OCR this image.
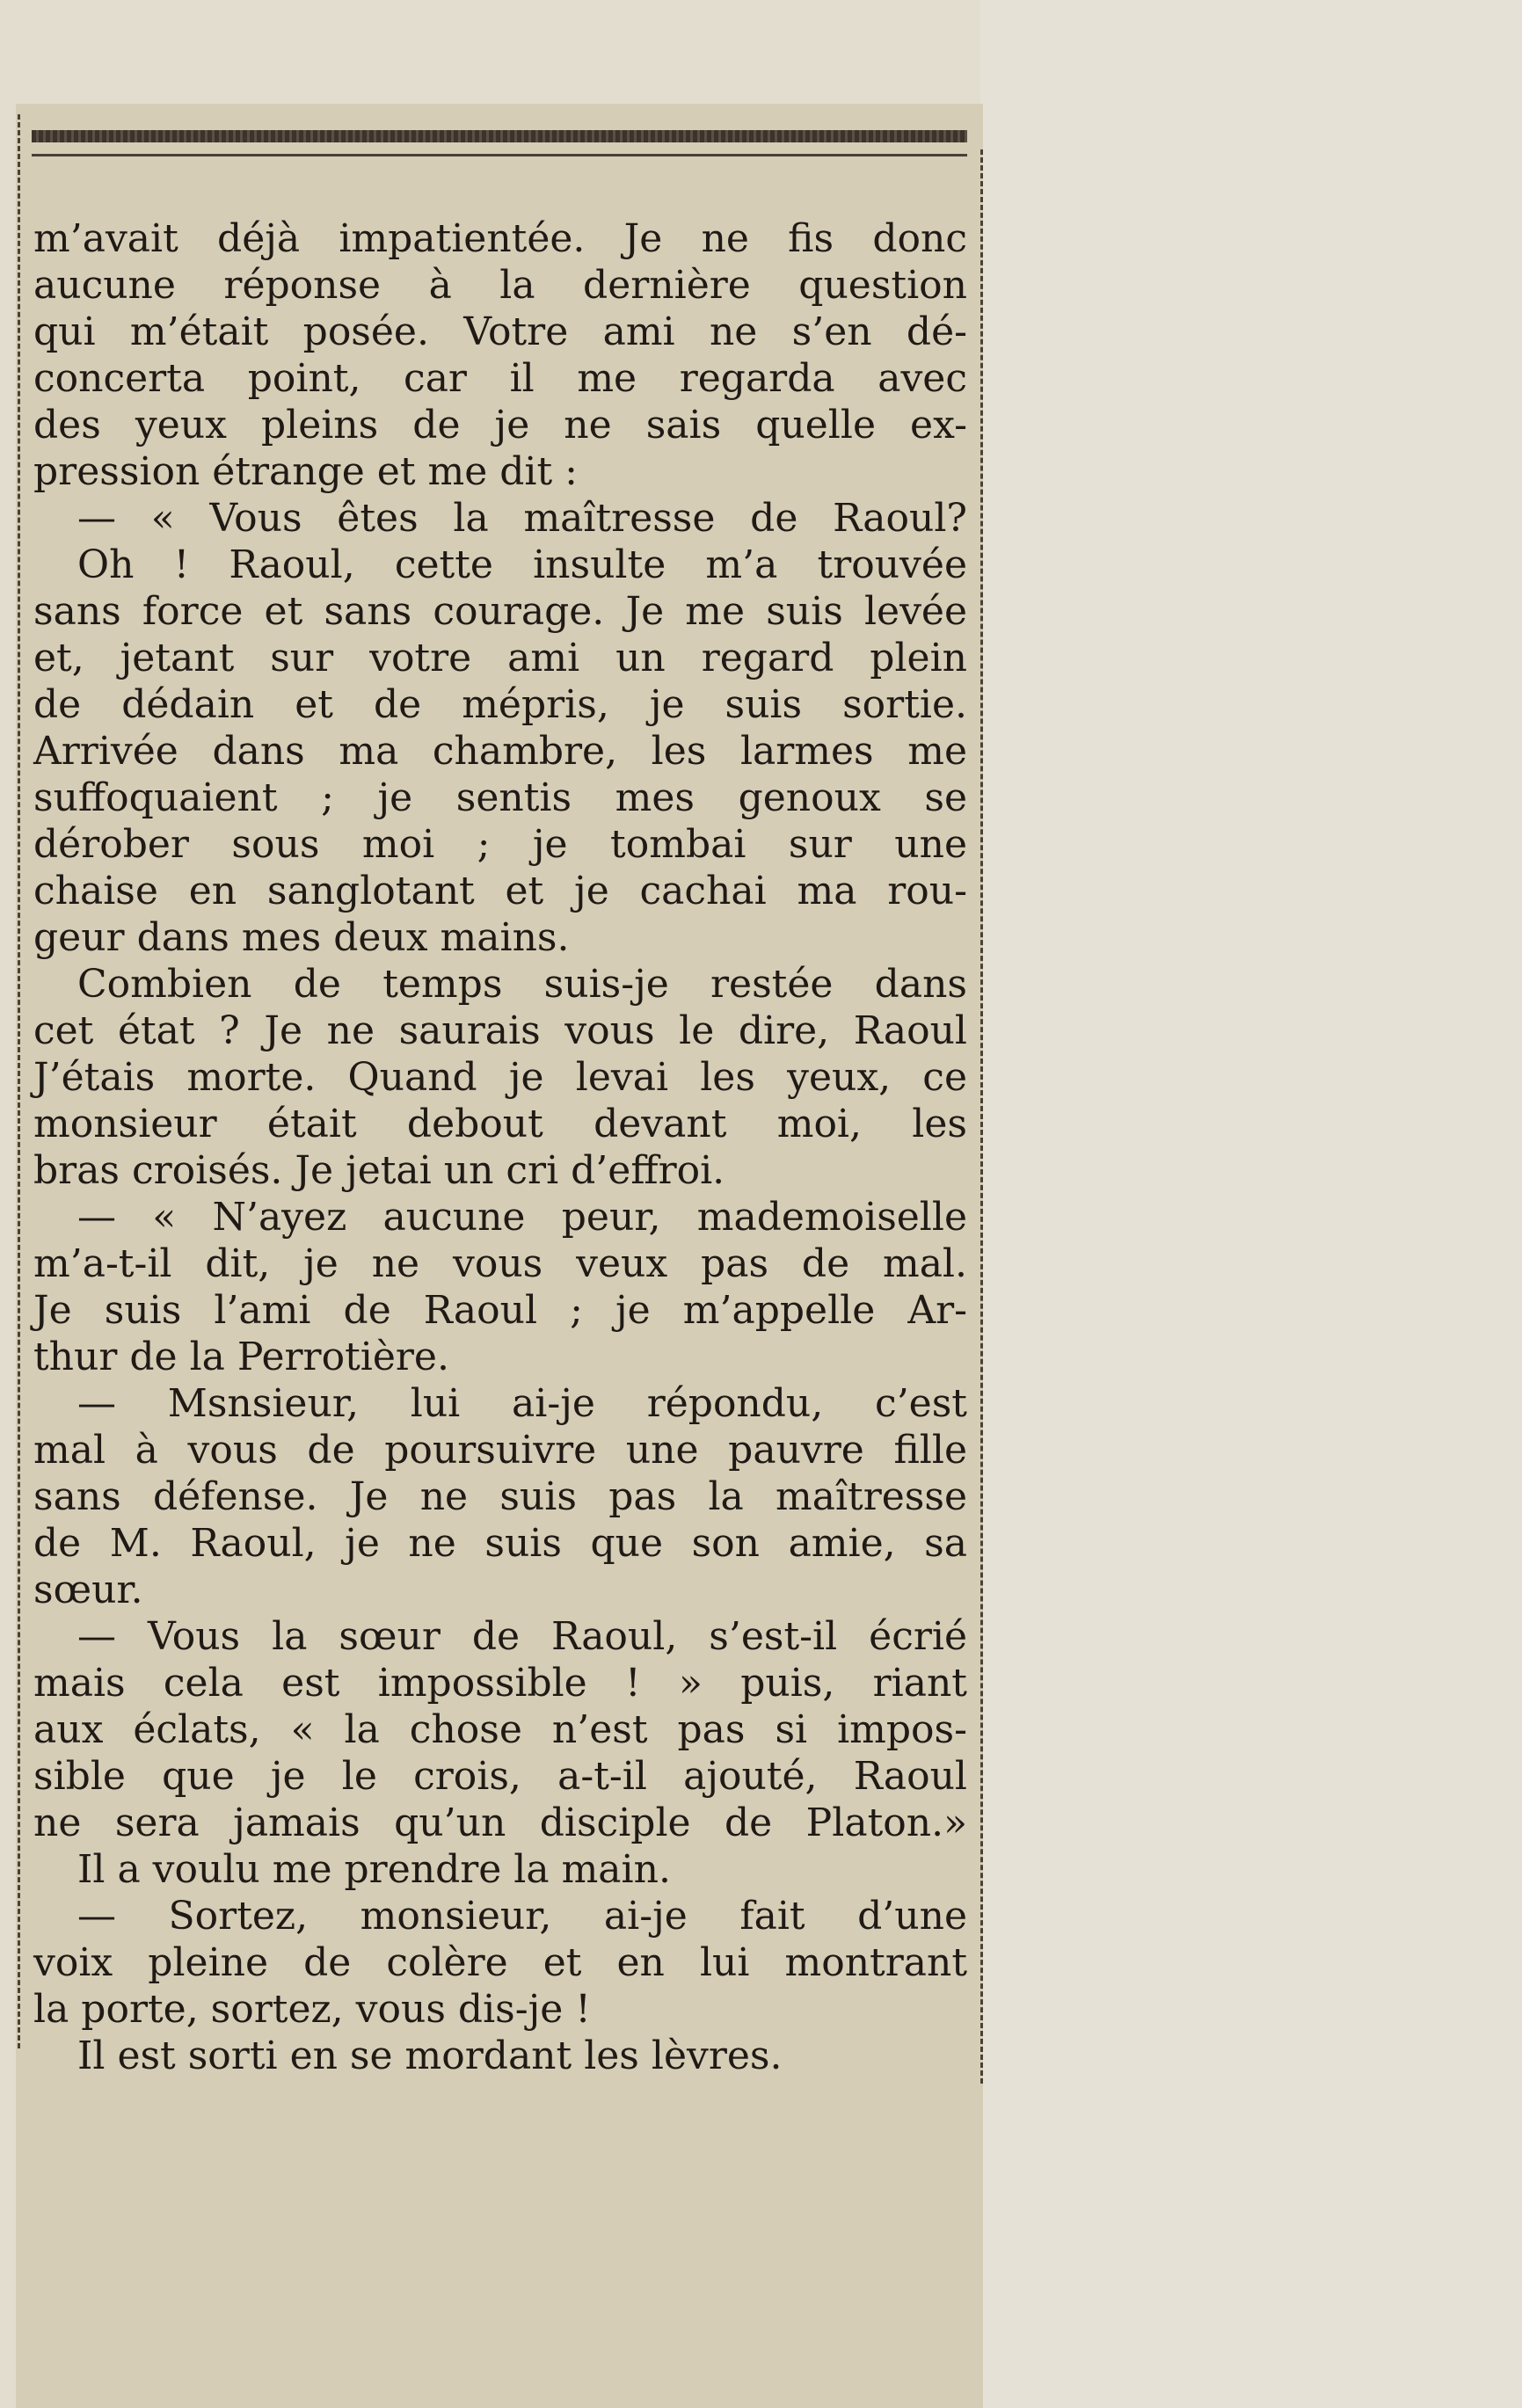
m’avait déjà impatientée. Je ne fis donc
aucune réponse à la dernière question
qui m’était posée. Votre ami ne s’en dé-
concerta point, car il me regarda avec
des yeux pleins de je ne sais quelle ex-
pression étrange et me dit :
— « Vous êtes la maîtresse de Raoul?
Oh ! Raoul, cette insulte m’a trouvée
sans force et sans courage. Je me suis levée
et, jetant sur votre ami un regard plein
de dédain et de mépris, je suis sortie.
Arrivée dans ma chambre, les larmes me
suffoquaient ; je sentis mes genoux se
dérober sous moi ; je tombai sur une
chaise en sanglotant et je cachai ma rou-
geur dans mes deux mains.
Combien de temps suis-je restée dans
cet état ? Je ne saurais vous le dire, Raoul
J’étais morte. Quand je levai les yeux, ce
monsieur était debout devant moi, les
bras croisés. Je jetai un cri d’effroi.
— « N’ayez aucune peur, mademoiselle
m’a-t-il dit, je ne vous veux pas de mal.
Je suis l’ami de Raoul ; je m’appelle Ar-
thur de la Perrotière.
— Msnsieur, lui ai-je répondu, c’est
mal à vous de poursuivre une pauvre fille
sans défense. Je ne suis pas la maîtresse
de M. Raoul, je ne suis que son amie, sa
sœur.
— Vous la sœur de Raoul, s’est-il écrié
mais cela est impossible ! » puis, riant
aux éclats, « la chose n’est pas si impos-
sible que je le crois, a-t-il ajouté, Raoul
ne sera jamais qu’un disciple de Platon.»
Il a voulu me prendre la main.
— Sortez, monsieur, ai-je fait d’une
voix pleine de colère et en lui montrant
la porte, sortez, vous dis-je !
Il est sorti en se mordant les lèvres.
